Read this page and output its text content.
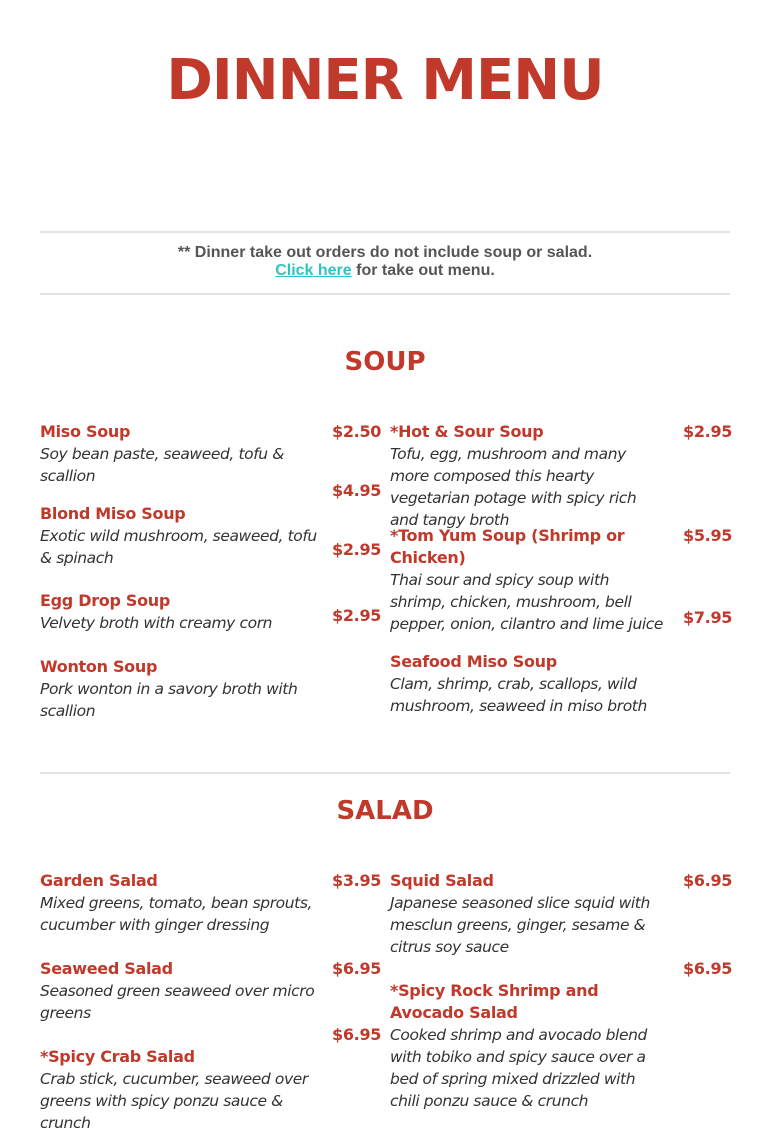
DINNER MENU
** Dinner take out orders do not include soup or salad.
Click here for take out menu.
SOUP
Miso Soup
Soy bean paste, seaweed, tofu & scallion
Blond Miso Soup
Exotic wild mushroom, seaweed, tofu & spinach
Egg Drop Soup
Velvety broth with creamy corn
Wonton Soup
Pork wonton in a savory broth with scallion
$2.50
$4.95
$2.95
$2.95
*Hot & Sour Soup
Tofu, egg, mushroom and many more composed this hearty vegetarian potage with spicy rich and tangy broth
*Tom Yum Soup (Shrimp or Chicken)
Thai sour and spicy soup with shrimp, chicken, mushroom, bell pepper, onion, cilantro and lime juice
Seafood Miso Soup
Clam, shrimp, crab, scallops, wild mushroom, seaweed in miso broth
$2.95
$5.95
$7.95
SALAD
Garden Salad
Mixed greens, tomato, bean sprouts, cucumber with ginger dressing
Seaweed Salad
Seasoned green seaweed over micro greens
*Spicy Crab Salad
Crab stick, cucumber, seaweed over greens with spicy ponzu sauce & crunch
$3.95
$6.95
$6.95
Squid Salad
Japanese seasoned slice squid with mesclun greens, ginger, sesame & citrus soy sauce
*Spicy Rock Shrimp and Avocado Salad
Cooked shrimp and avocado blend with tobiko and spicy sauce over a bed of spring mixed drizzled with chili ponzu sauce & crunch
$6.95
$6.95
